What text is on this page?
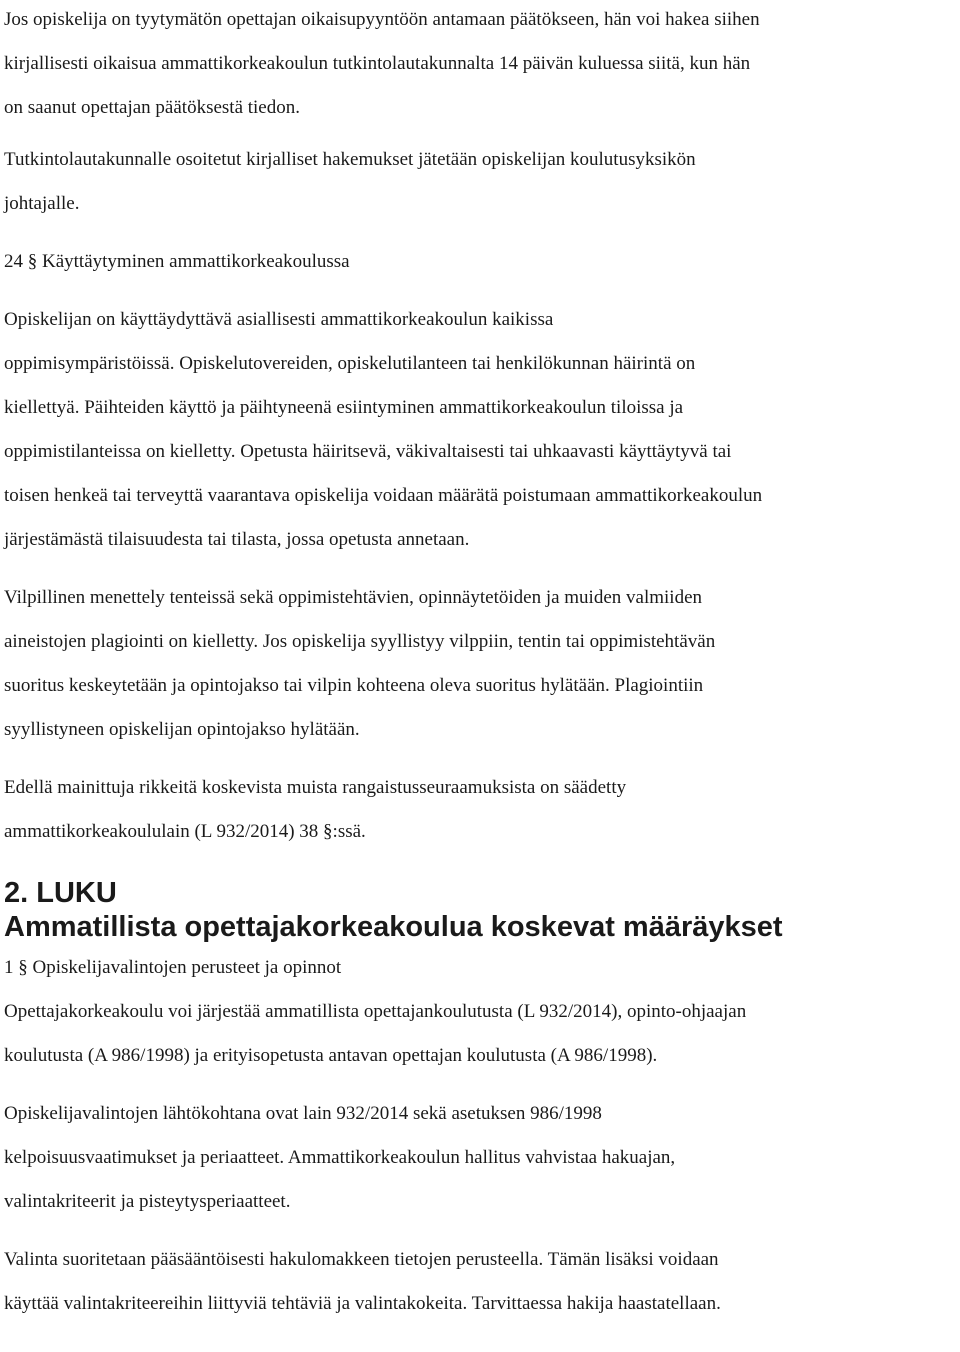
Jos opiskelija on tyytymätön opettajan oikaisupyyntöön antamaan päätökseen, hän voi hakea siihen
kirjallisesti oikaisua ammattikorkeakoulun tutkintolautakunnalta 14 päivän kuluessa siitä, kun hän
on saanut opettajan päätöksestä tiedon.

Tutkintolautakunnalle osoitetut kirjalliset hakemukset jätetään opiskelijan koulutusyksikön
johtajalle.

24 § Käyttäytyminen ammattikorkeakoulussa

Opiskelijan on käyttäydyttävä asiallisesti ammattikorkeakoulun kaikissa
oppimisympäristöissä. Opiskelutovereiden, opiskelutilanteen tai henkilökunnan häirintä on
kiellettyä. Päihteiden käyttö ja päihtyneenä esiintyminen ammattikorkeakoulun tiloissa ja
oppimistilanteissa on kielletty. Opetusta häiritsevä, väkivaltaisesti tai uhkaavasti käyttäytyvä tai
toisen henkeä tai terveyttä vaarantava opiskelija voidaan määrätä poistumaan ammattikorkeakoulun
järjestämästä tilaisuudesta tai tilasta, jossa opetusta annetaan.

Vilpillinen menettely tenteissä sekä oppimistehtävien, opinnäytetöiden ja muiden valmiiden
aineistojen plagiointi on kielletty. Jos opiskelija syyllistyy vilppiin, tentin tai oppimistehtävän
suoritus keskeytetään ja opintojakso tai vilpin kohteena oleva suoritus hylätään. Plagiointiin
syyllistyneen opiskelijan opintojakso hylätään.

Edellä mainittuja rikkeitä koskevista muista rangaistusseuraamuksista on säädetty
ammattikorkeakoululain (L 932/2014) 38 §:ssä.

2. LUKU

Ammatillista opettajakorkeakoulua koskevat määräykset

1 § Opiskelijavalintojen perusteet ja opinnot

Opettajakorkeakoulu voi järjestää ammatillista opettajankoulutusta (L 932/2014), opinto-ohjaajan
koulutusta (A 986/1998) ja erityisopetusta antavan opettajan koulutusta (A 986/1998).

Opiskelijavalintojen lähtökohtana ovat lain 932/2014 sekä asetuksen 986/1998
kelpoisuusvaatimukset ja periaatteet. Ammattikorkeakoulun hallitus vahvistaa hakuajan,
valintakriteerit ja pisteytysperiaatteet.

Valinta suoritetaan pääsääntöisesti hakulomakkeen tietojen perusteella. Tämän lisäksi voidaan
käyttää valintakriteereihin liittyviä tehtäviä ja valintakokeita. Tarvittaessa hakija haastatellaan.
